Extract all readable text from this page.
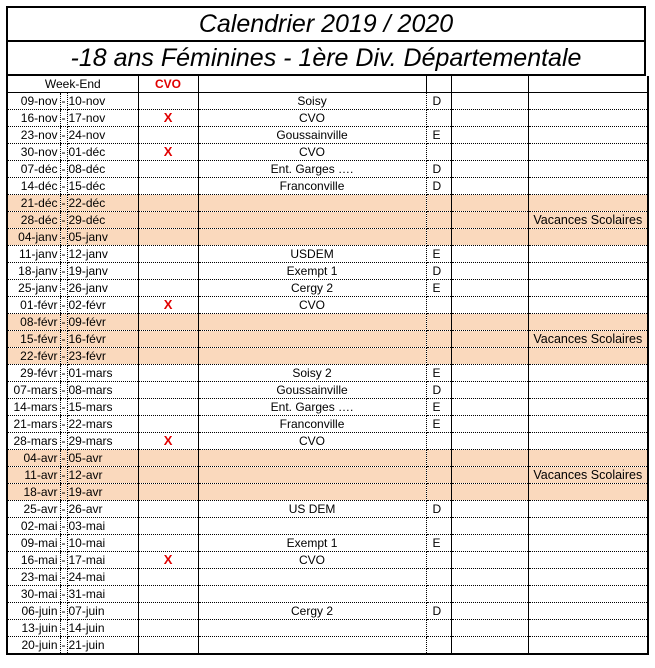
Calendrier 2019 / 2020
-18 ans Féminines - 1ère Div. Départementale
Week-End			CVO				
09-nov	-	10-nov		Soisy	D		
16-nov	-	17-nov	X	CVO			
23-nov	-	24-nov		Goussainville	E		
30-nov	-	01-déc	X	CVO			
07-déc	-	08-déc		Ent. Garges ….	D		
14-déc	-	15-déc		Franconville	D		
21-déc	-	22-déc					
28-déc	-	29-déc					Vacances Scolaires
04-janv	-	05-janv					
11-janv	-	12-janv		USDEM	E		
18-janv	-	19-janv		Exempt 1	D		
25-janv	-	26-janv		Cergy 2	E		
01-févr	-	02-févr	X	CVO			
08-févr	-	09-févr					
15-févr	-	16-févr					Vacances Scolaires
22-févr	-	23-févr					
29-févr	-	01-mars		Soisy 2	E		
07-mars	-	08-mars		Goussainville	D		
14-mars	-	15-mars		Ent. Garges ….	E		
21-mars	-	22-mars		Franconville	E		
28-mars	-	29-mars	X	CVO			
04-avr	-	05-avr					
11-avr	-	12-avr					Vacances Scolaires
18-avr	-	19-avr					
25-avr	-	26-avr		US DEM	D		
02-mai	-	03-mai					
09-mai	-	10-mai		Exempt 1	E		
16-mai	-	17-mai	X	CVO			
23-mai	-	24-mai					
30-mai	-	31-mai					
06-juin	-	07-juin		Cergy 2	D		
13-juin	-	14-juin					
20-juin	-	21-juin					
